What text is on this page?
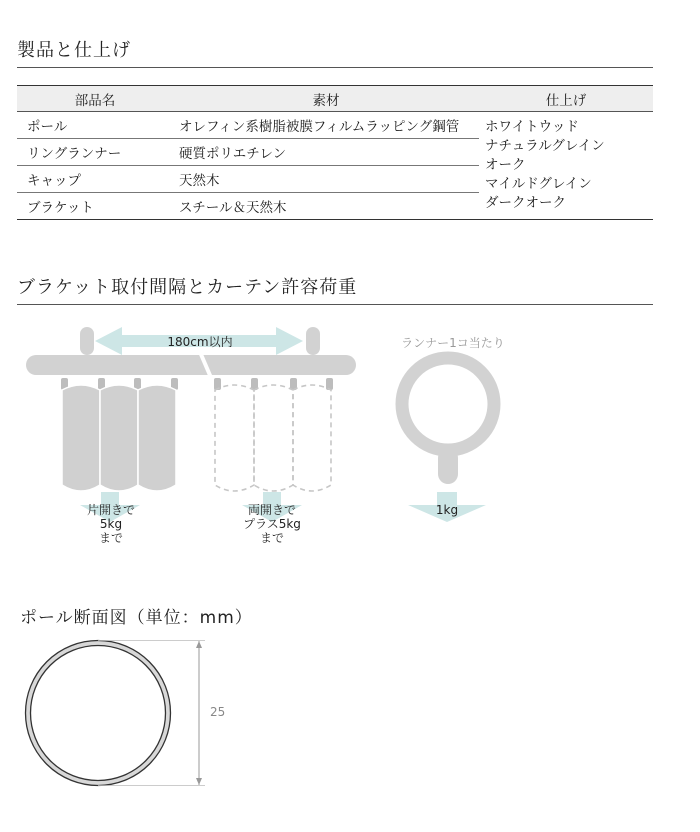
製品と仕上げ
部品名	素材	仕上げ
ポール	オレフィン系樹脂被膜フィルムラッピング鋼管	ホワイトウッド
ナチュラルグレイン
オーク
マイルドグレイン
ダークオーク

リングランナー	硬質ポリエチレン	
キャップ	天然木	
ブラケット	スチール＆天然木	
ブラケット取付間隔とカーテン許容荷重
180cm以内	ランナー1コ当たり
片開きで
5kg
まで
両開きで
プラス5kg
まで
1kg
ポール断面図（単位：mm）
25
